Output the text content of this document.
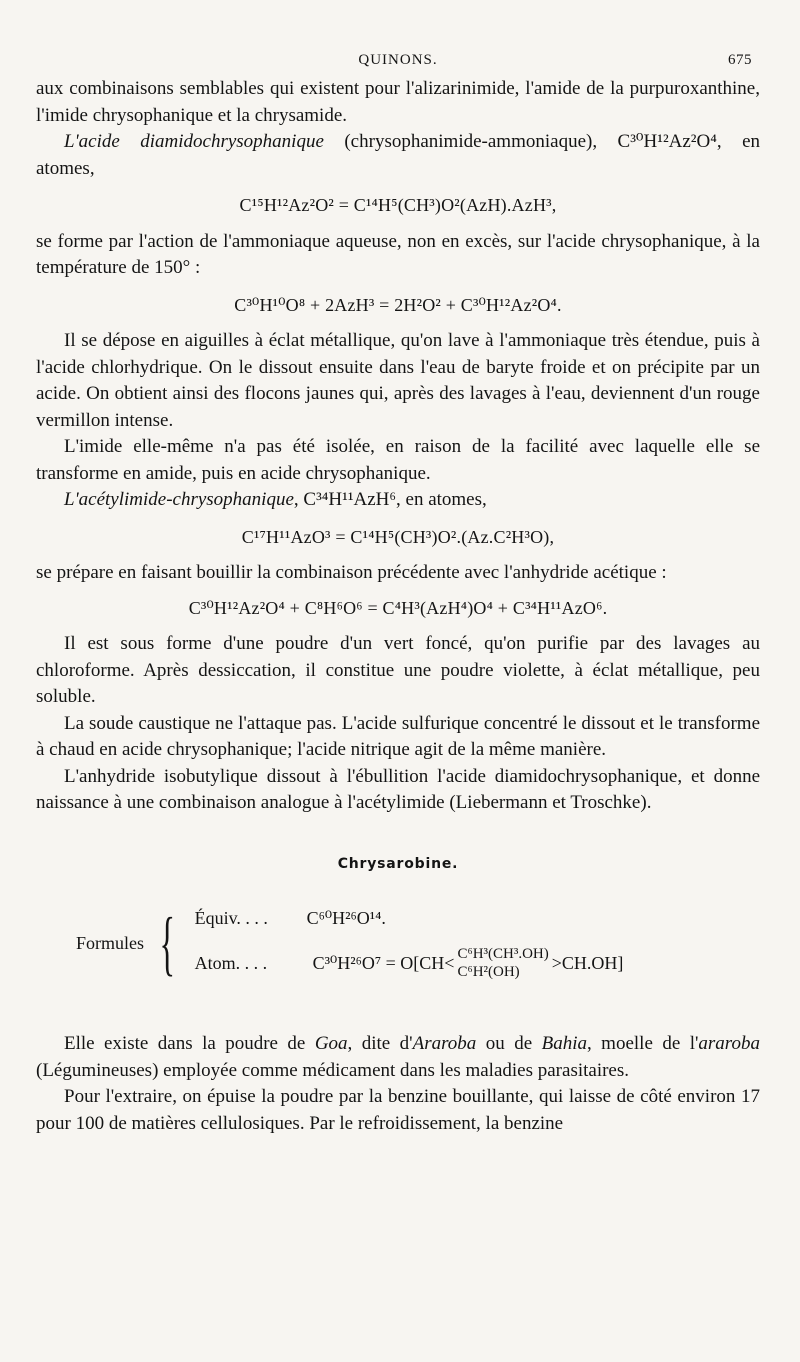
QUINONS.	675

aux combinaisons semblables qui existent pour l'alizarinimide, l'amide de la purpuroxanthine, l'imide chrysophanique et la chrysamide.

L'acide diamidochrysophanique (chrysophanimide-ammoniaque), C³⁰H¹²Az²O⁴, en atomes,

C¹⁵H¹²Az²O² = C¹⁴H⁵(CH³)O²(AzH).AzH³,

se forme par l'action de l'ammoniaque aqueuse, non en excès, sur l'acide chrysophanique, à la température de 150° :

C³⁰H¹⁰O⁸ + 2AzH³ = 2H²O² + C³⁰H¹²Az²O⁴.

Il se dépose en aiguilles à éclat métallique, qu'on lave à l'ammoniaque très étendue, puis à l'acide chlorhydrique. On le dissout ensuite dans l'eau de baryte froide et on précipite par un acide. On obtient ainsi des flocons jaunes qui, après des lavages à l'eau, deviennent d'un rouge vermillon intense.

L'imide elle-même n'a pas été isolée, en raison de la facilité avec laquelle elle se transforme en amide, puis en acide chrysophanique.

L'acétylimide-chrysophanique, C³⁴H¹¹AzH⁶, en atomes,

C¹⁷H¹¹AzO³ = C¹⁴H⁵(CH³)O².(Az.C²H³O),

se prépare en faisant bouillir la combinaison précédente avec l'anhydride acétique :

C³⁰H¹²Az²O⁴ + C⁸H⁶O⁶ = C⁴H³(AzH⁴)O⁴ + C³⁴H¹¹AzO⁶.

Il est sous forme d'une poudre d'un vert foncé, qu'on purifie par des lavages au chloroforme. Après dessiccation, il constitue une poudre violette, à éclat métallique, peu soluble.

La soude caustique ne l'attaque pas. L'acide sulfurique concentré le dissout et le transforme à chaud en acide chrysophanique; l'acide nitrique agit de la même manière.

L'anhydride isobutylique dissout à l'ébullition l'acide diamidochrysophanique, et donne naissance à une combinaison analogue à l'acétylimide (Liebermann et Troschke).

Chrysarobine.
Formules { Équiv. . . .	C⁶⁰H²⁶O¹⁴.
Atom. . . .	C³⁰H²⁶O⁷ = O[CH < C⁶H³(CH³.OH)
C⁶H²(OH)	> CH.OH]

Elle existe dans la poudre de Goa, dite d'Araroba ou de Bahia, moelle de l'araroba (Légumineuses) employée comme médicament dans les maladies parasitaires.

Pour l'extraire, on épuise la poudre par la benzine bouillante, qui laisse de côté environ 17 pour 100 de matières cellulosiques. Par le refroidissement, la benzine
